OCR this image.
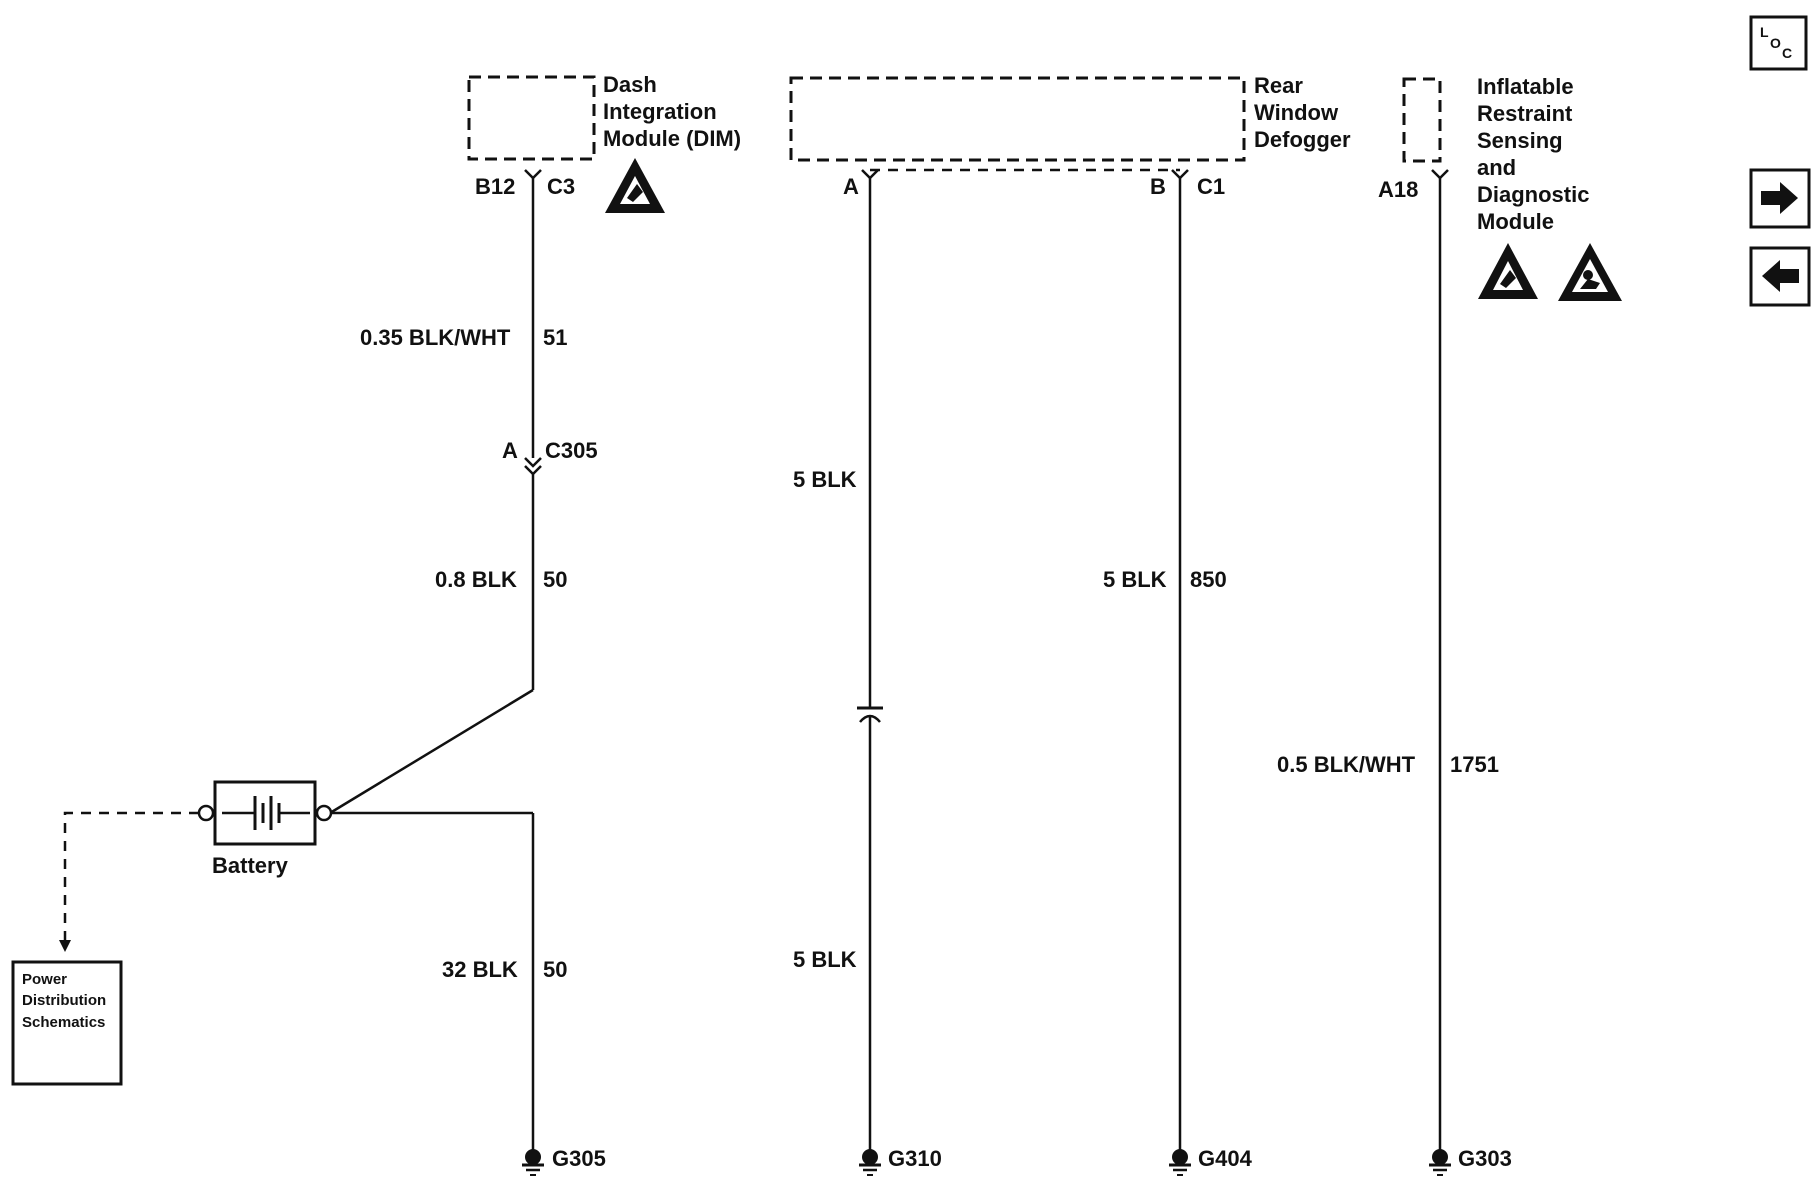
Dash
Integration
Module (DIM)
B12 C3
0.35 BLK/WHT 51
A C305
0.8 BLK 50
Battery
32 BLK 50
Power
Distribution
Schematics
Rear
Window
Defogger
A	B C1
5 BLK
5 BLK
5 BLK 850
Inflatable
Restraint
Sensing
and
Diagnostic
Module
A18
0.5 BLK/WHT 1751
G305	G310	G404	G303
L
O
C
